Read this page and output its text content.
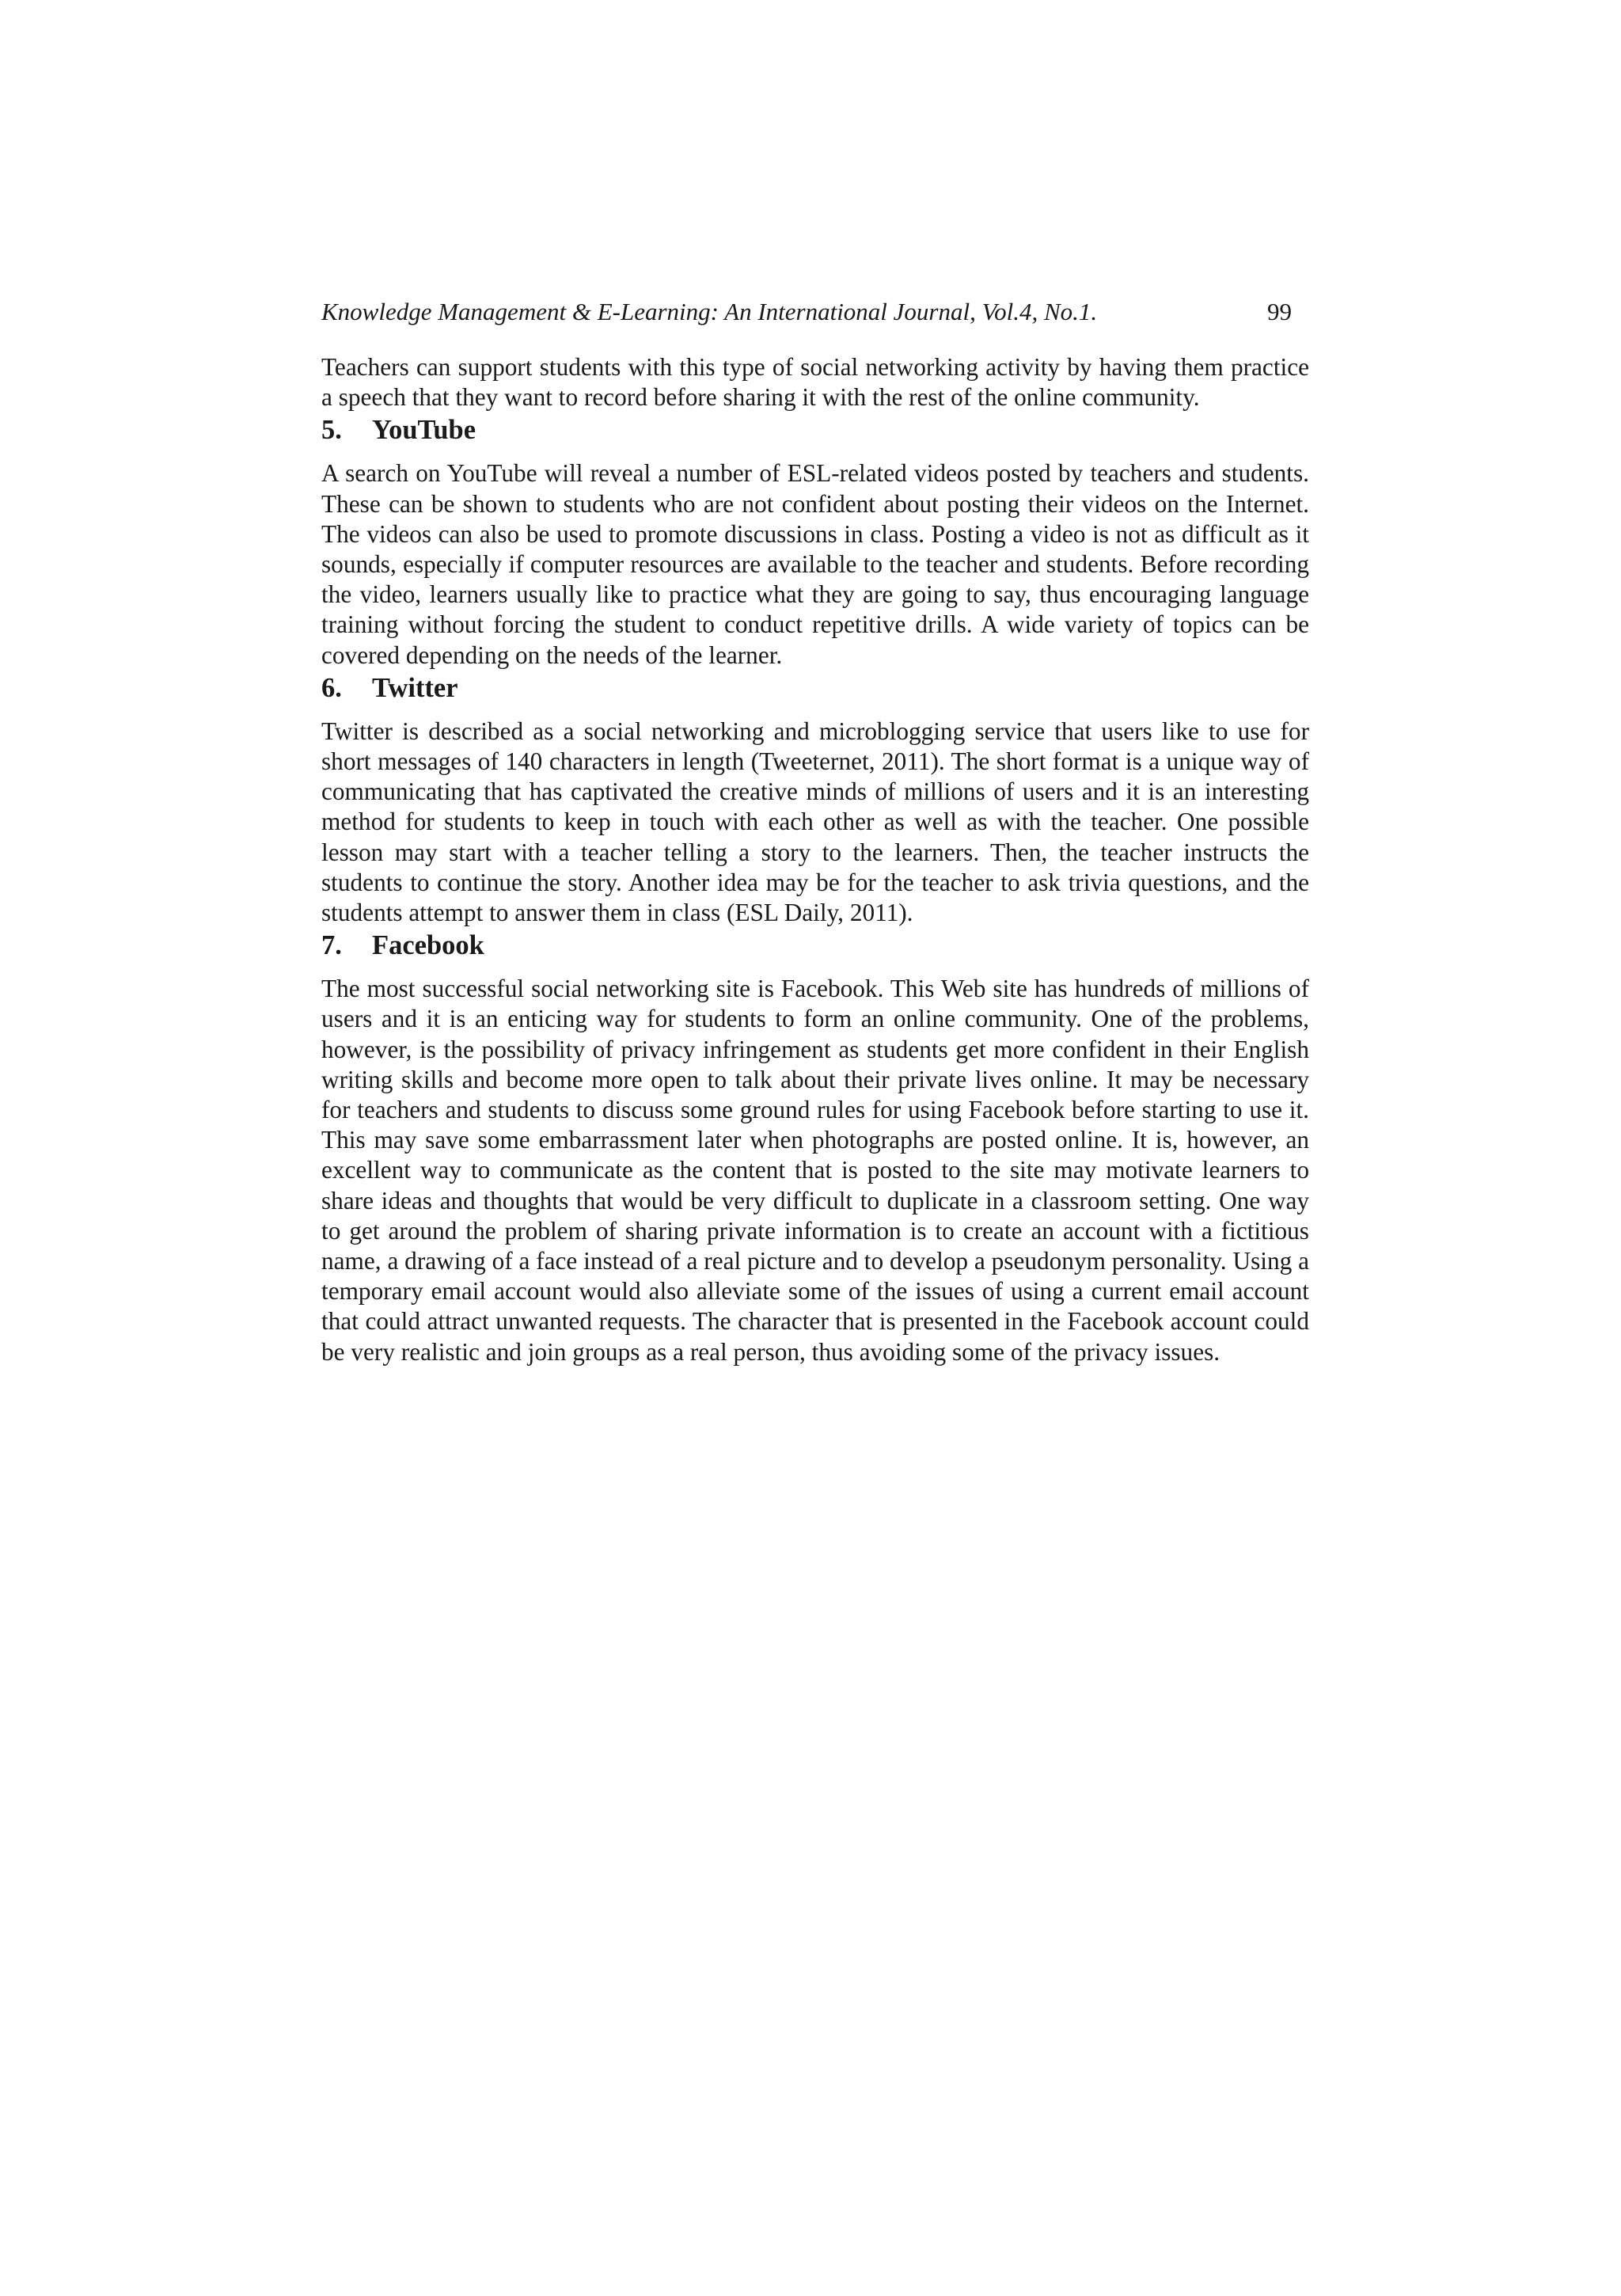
Knowledge Management & E-Learning: An International Journal, Vol.4, No.1.	99

Teachers can support students with this type of social networking activity by having them practice a speech that they want to record before sharing it with the rest of the online community.

5. YouTube

A search on YouTube will reveal a number of ESL-related videos posted by teachers and students. These can be shown to students who are not confident about posting their videos on the Internet. The videos can also be used to promote discussions in class. Posting a video is not as difficult as it sounds, especially if computer resources are available to the teacher and students. Before recording the video, learners usually like to practice what they are going to say, thus encouraging language training without forcing the student to conduct repetitive drills. A wide variety of topics can be covered depending on the needs of the learner.

6. Twitter

Twitter is described as a social networking and microblogging service that users like to use for short messages of 140 characters in length (Tweeternet, 2011). The short format is a unique way of communicating that has captivated the creative minds of millions of users and it is an interesting method for students to keep in touch with each other as well as with the teacher. One possible lesson may start with a teacher telling a story to the learners. Then, the teacher instructs the students to continue the story. Another idea may be for the teacher to ask trivia questions, and the students attempt to answer them in class (ESL Daily, 2011).

7. Facebook

The most successful social networking site is Facebook. This Web site has hundreds of millions of users and it is an enticing way for students to form an online community. One of the problems, however, is the possibility of privacy infringement as students get more confident in their English writing skills and become more open to talk about their private lives online. It may be necessary for teachers and students to discuss some ground rules for using Facebook before starting to use it. This may save some embarrassment later when photographs are posted online. It is, however, an excellent way to communicate as the content that is posted to the site may motivate learners to share ideas and thoughts that would be very difficult to duplicate in a classroom setting. One way to get around the problem of sharing private information is to create an account with a fictitious name, a drawing of a face instead of a real picture and to develop a pseudonym personality. Using a temporary email account would also alleviate some of the issues of using a current email account that could attract unwanted requests. The character that is presented in the Facebook account could be very realistic and join groups as a real person, thus avoiding some of the privacy issues.
